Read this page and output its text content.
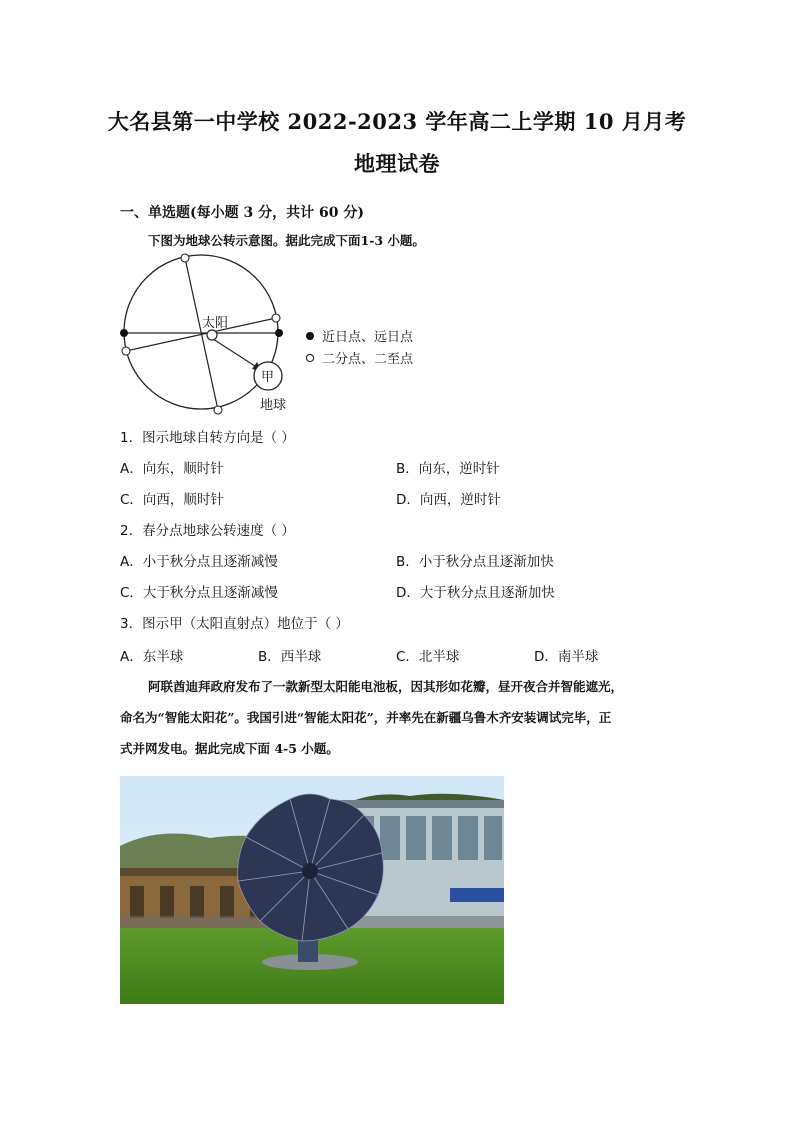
大名县第一中学校 2022-2023 学年高二上学期 10 月月考
地理试卷
一、单选题(每小题 3 分，共计 60 分)
下图为地球公转示意图。据此完成下面1-3 小题。
太阳
甲
地球
近日点、远日点
二分点、二至点
1．图示地球自转方向是（ ）
A．向东，顺时针	B．向东，逆时针
C．向西，顺时针	D．向西，逆时针
2．春分点地球公转速度（ ）
A．小于秋分点且逐渐减慢	B．小于秋分点且逐渐加快
C．大于秋分点且逐渐减慢	D．大于秋分点且逐渐加快
3．图示甲（太阳直射点）地位于（ ）
A．东半球	B．西半球	C．北半球	D．南半球
阿联酋迪拜政府发布了一款新型太阳能电池板，因其形如花瓣，昼开夜合并智能遮光，
命名为“智能太阳花”。我国引进“智能太阳花”，并率先在新疆乌鲁木齐安装调试完毕，正
式并网发电。据此完成下面 4-5 小题。
